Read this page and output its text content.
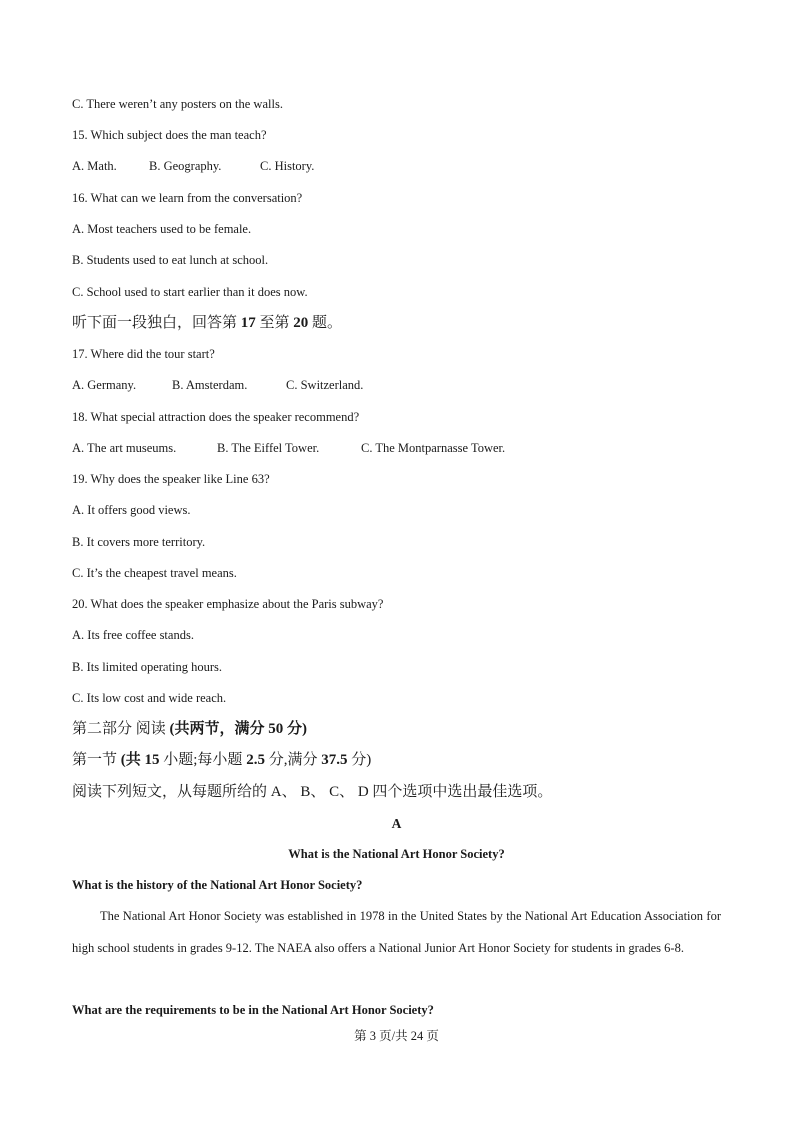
C. There weren’t any posters on the walls.
15. Which subject does the man teach?
A. Math.	B. Geography.	C. History.
16. What can we learn from the conversation?
A. Most teachers used to be female.
B. Students used to eat lunch at school.
C. School used to start earlier than it does now.
听下面一段独白，回答第 17 至第 20 题。
17. Where did the tour start?
A. Germany.	B. Amsterdam.	C. Switzerland.
18. What special attraction does the speaker recommend?
A. The art museums.	B. The Eiffel Tower.	C. The Montparnasse Tower.
19. Why does the speaker like Line 63?
A. It offers good views.
B. It covers more territory.
C. It’s the cheapest travel means.
20. What does the speaker emphasize about the Paris subway?
A. Its free coffee stands.
B. Its limited operating hours.
C. Its low cost and wide reach.
第二部分 阅读 (共两节，满分 50 分)
第一节 (共 15 小题;每小题 2.5 分,满分 37.5 分)
阅读下列短文，从每题所给的 A、 B、 C、 D 四个选项中选出最佳选项。
A
What is the National Art Honor Society?
What is the history of the National Art Honor Society?
The National Art Honor Society was established in 1978 in the United States by the National Art Education Association for high school students in grades 9-12. The NAEA also offers a National Junior Art Honor Society for students in grades 6-8.
What are the requirements to be in the National Art Honor Society?
第 3 页/共 24 页
